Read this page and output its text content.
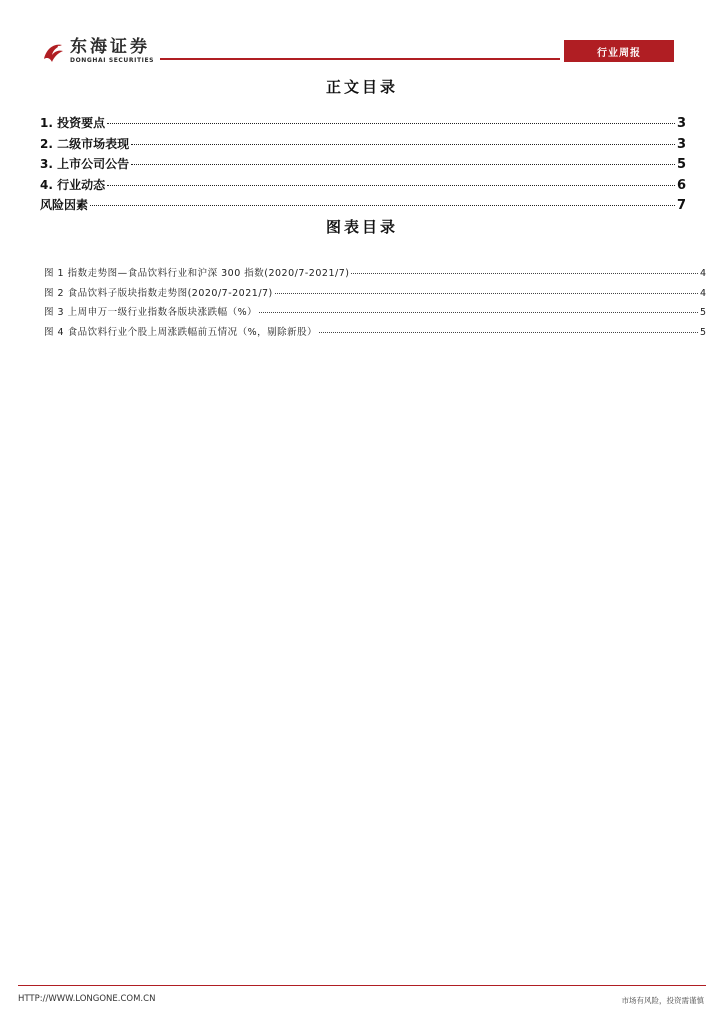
东海证券
DONGHAI SECURITIES
行业周报
正文目录
1. 投资要点	3
2. 二级市场表现	3
3. 上市公司公告	5
4. 行业动态	6
风险因素	7
图表目录
图 1 指数走势图—食品饮料行业和沪深 300 指数(2020/7-2021/7)	4
图 2 食品饮料子版块指数走势图(2020/7-2021/7)	4
图 3 上周申万一级行业指数各版块涨跌幅（%）	5
图 4 食品饮料行业个股上周涨跌幅前五情况（%，剔除新股）	5
HTTP://WWW.LONGONE.COM.CN	市场有风险，投资需谨慎
